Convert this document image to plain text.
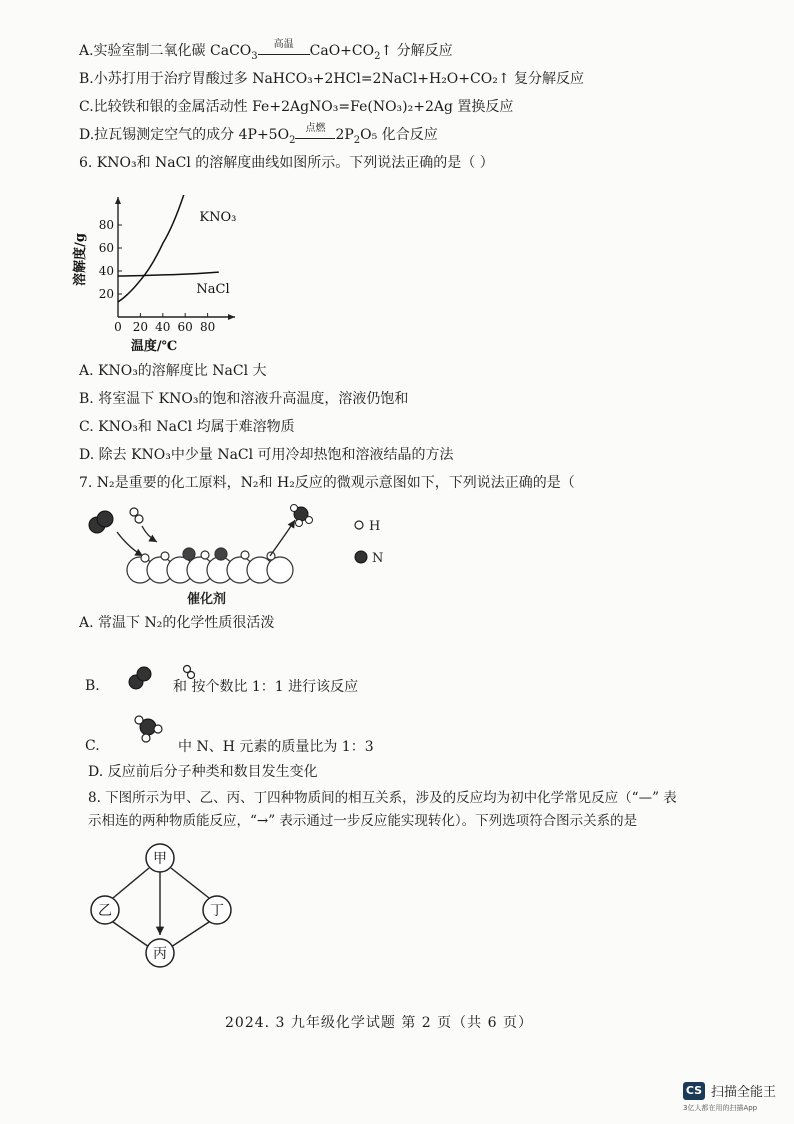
A.实验室制二氧化碳 CaCO$_3$
高温	$CaO+CO_2↑$ 分解反应
B.小苏打用于治疗胃酸过多 NaHCO₃+2HCl=2NaCl+H₂O+CO₂↑ 复分解反应
C.比较铁和银的金属活动性 Fe+2AgNO₃=Fe(NO₃)₂+2Ag 置换反应
D.拉瓦锡测定空气的成分 $4P+5O_2$
点燃 $2P_2O_5$ 化合反应
6. KNO₃和 NaCl 的溶解度曲线如图所示。下列说法正确的是（ ）
20
40
60
80
0 20 40 60 80
KNO₃
NaCl
温度/℃
溶解度/g
A. KNO₃的溶解度比 NaCl 大
B. 将室温下 KNO₃的饱和溶液升高温度，溶液仍饱和
C. KNO₃和 NaCl 均属于难溶物质
D. 除去 KNO₃中少量 NaCl 可用冷却热饱和溶液结晶的方法
7. N₂是重要的化工原料，N₂和 H₂反应的微观示意图如下，下列说法正确的是（
H
N
催化剂
A. 常温下 N₂的化学性质很活泼
B.	和 按个数比 1：1 进行该反应
C.	中 N、H 元素的质量比为 1：3
D. 反应前后分子种类和数目发生变化
8. 下图所示为甲、乙、丙、丁四种物质间的相互关系，涉及的反应均为初中化学常见反应（“—” 表
示相连的两种物质能反应，“→” 表示通过一步反应能实现转化）。下列选项符合图示关系的是
甲
乙	丁
丙
2024. 3 九年级化学试题 第 2 页（共 6 页）
CS 扫描全能王
3亿人都在用的扫描App
